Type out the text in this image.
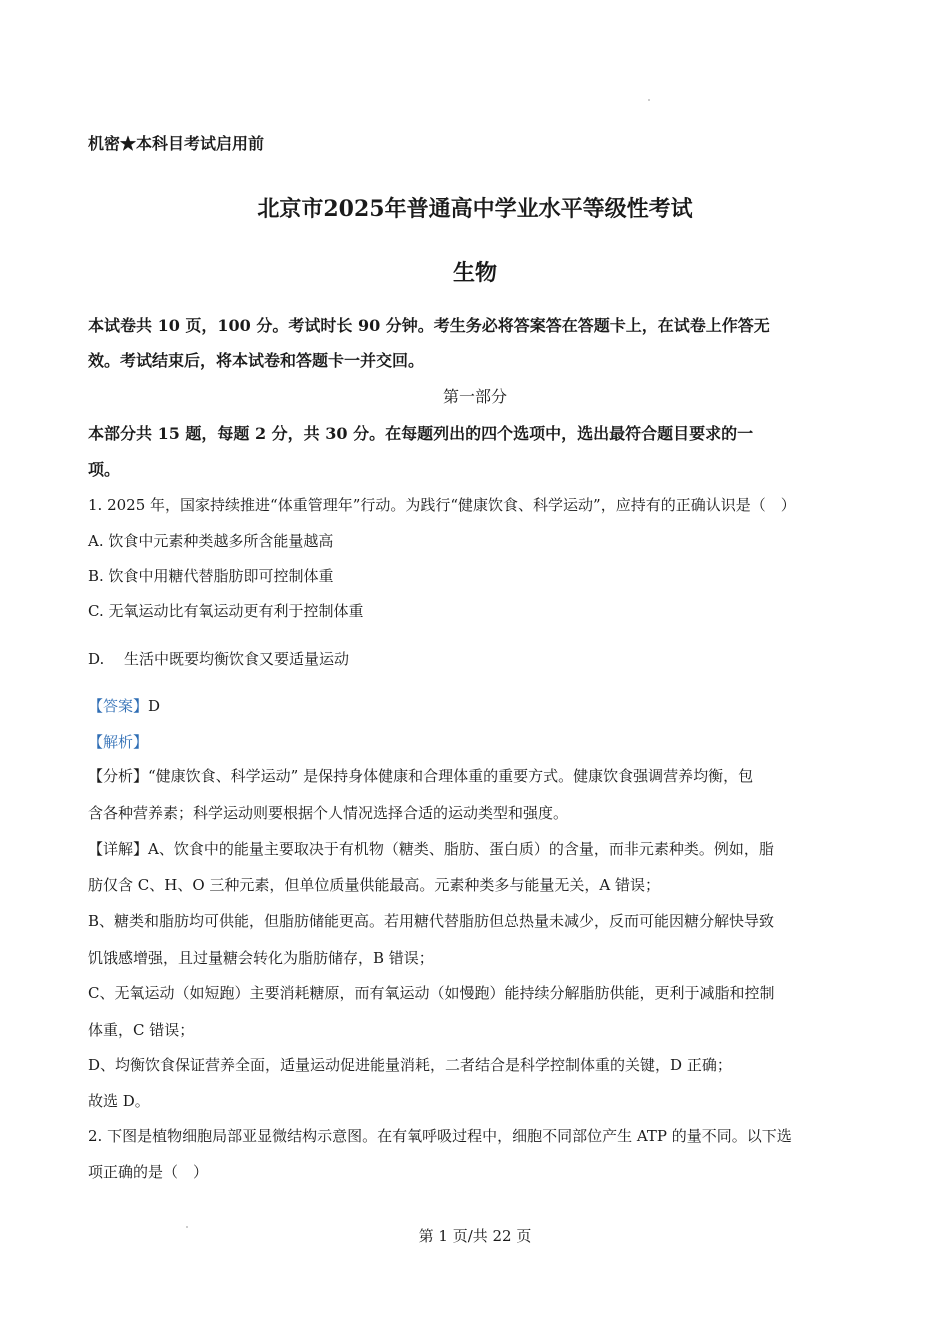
机密★本科目考试启用前
北京市2025年普通高中学业水平等级性考试
生物
本试卷共 10 页，100 分。考试时长 90 分钟。考生务必将答案答在答题卡上，在试卷上作答无
效。考试结束后，将本试卷和答题卡一并交回。
第一部分
本部分共 15 题，每题 2 分，共 30 分。在每题列出的四个选项中，选出最符合题目要求的一
项。
1. 2025 年，国家持续推进“体重管理年”行动。为践行“健康饮食、科学运动”，应持有的正确认识是（　）
A. 饮食中元素种类越多所含能量越高
B. 饮食中用糖代替脂肪即可控制体重
C. 无氧运动比有氧运动更有利于控制体重
D.　 生活中既要均衡饮食又要适量运动
【答案】D
【解析】
【分析】“健康饮食、科学运动” 是保持身体健康和合理体重的重要方式。健康饮食强调营养均衡，包
含各种营养素；科学运动则要根据个人情况选择合适的运动类型和强度。
【详解】A、饮食中的能量主要取决于有机物（糖类、脂肪、蛋白质）的含量，而非元素种类。例如，脂
肪仅含 C、H、O 三种元素，但单位质量供能最高。元素种类多与能量无关，A 错误；
B、糖类和脂肪均可供能，但脂肪储能更高。若用糖代替脂肪但总热量未减少，反而可能因糖分解快导致
饥饿感增强，且过量糖会转化为脂肪储存，B 错误；
C、无氧运动（如短跑）主要消耗糖原，而有氧运动（如慢跑）能持续分解脂肪供能，更利于减脂和控制
体重，C 错误；
D、均衡饮食保证营养全面，适量运动促进能量消耗，二者结合是科学控制体重的关键，D 正确；
故选 D。
2. 下图是植物细胞局部亚显微结构示意图。在有氧呼吸过程中，细胞不同部位产生 ATP 的量不同。以下选
项正确的是（　）
第 1 页/共 22 页
